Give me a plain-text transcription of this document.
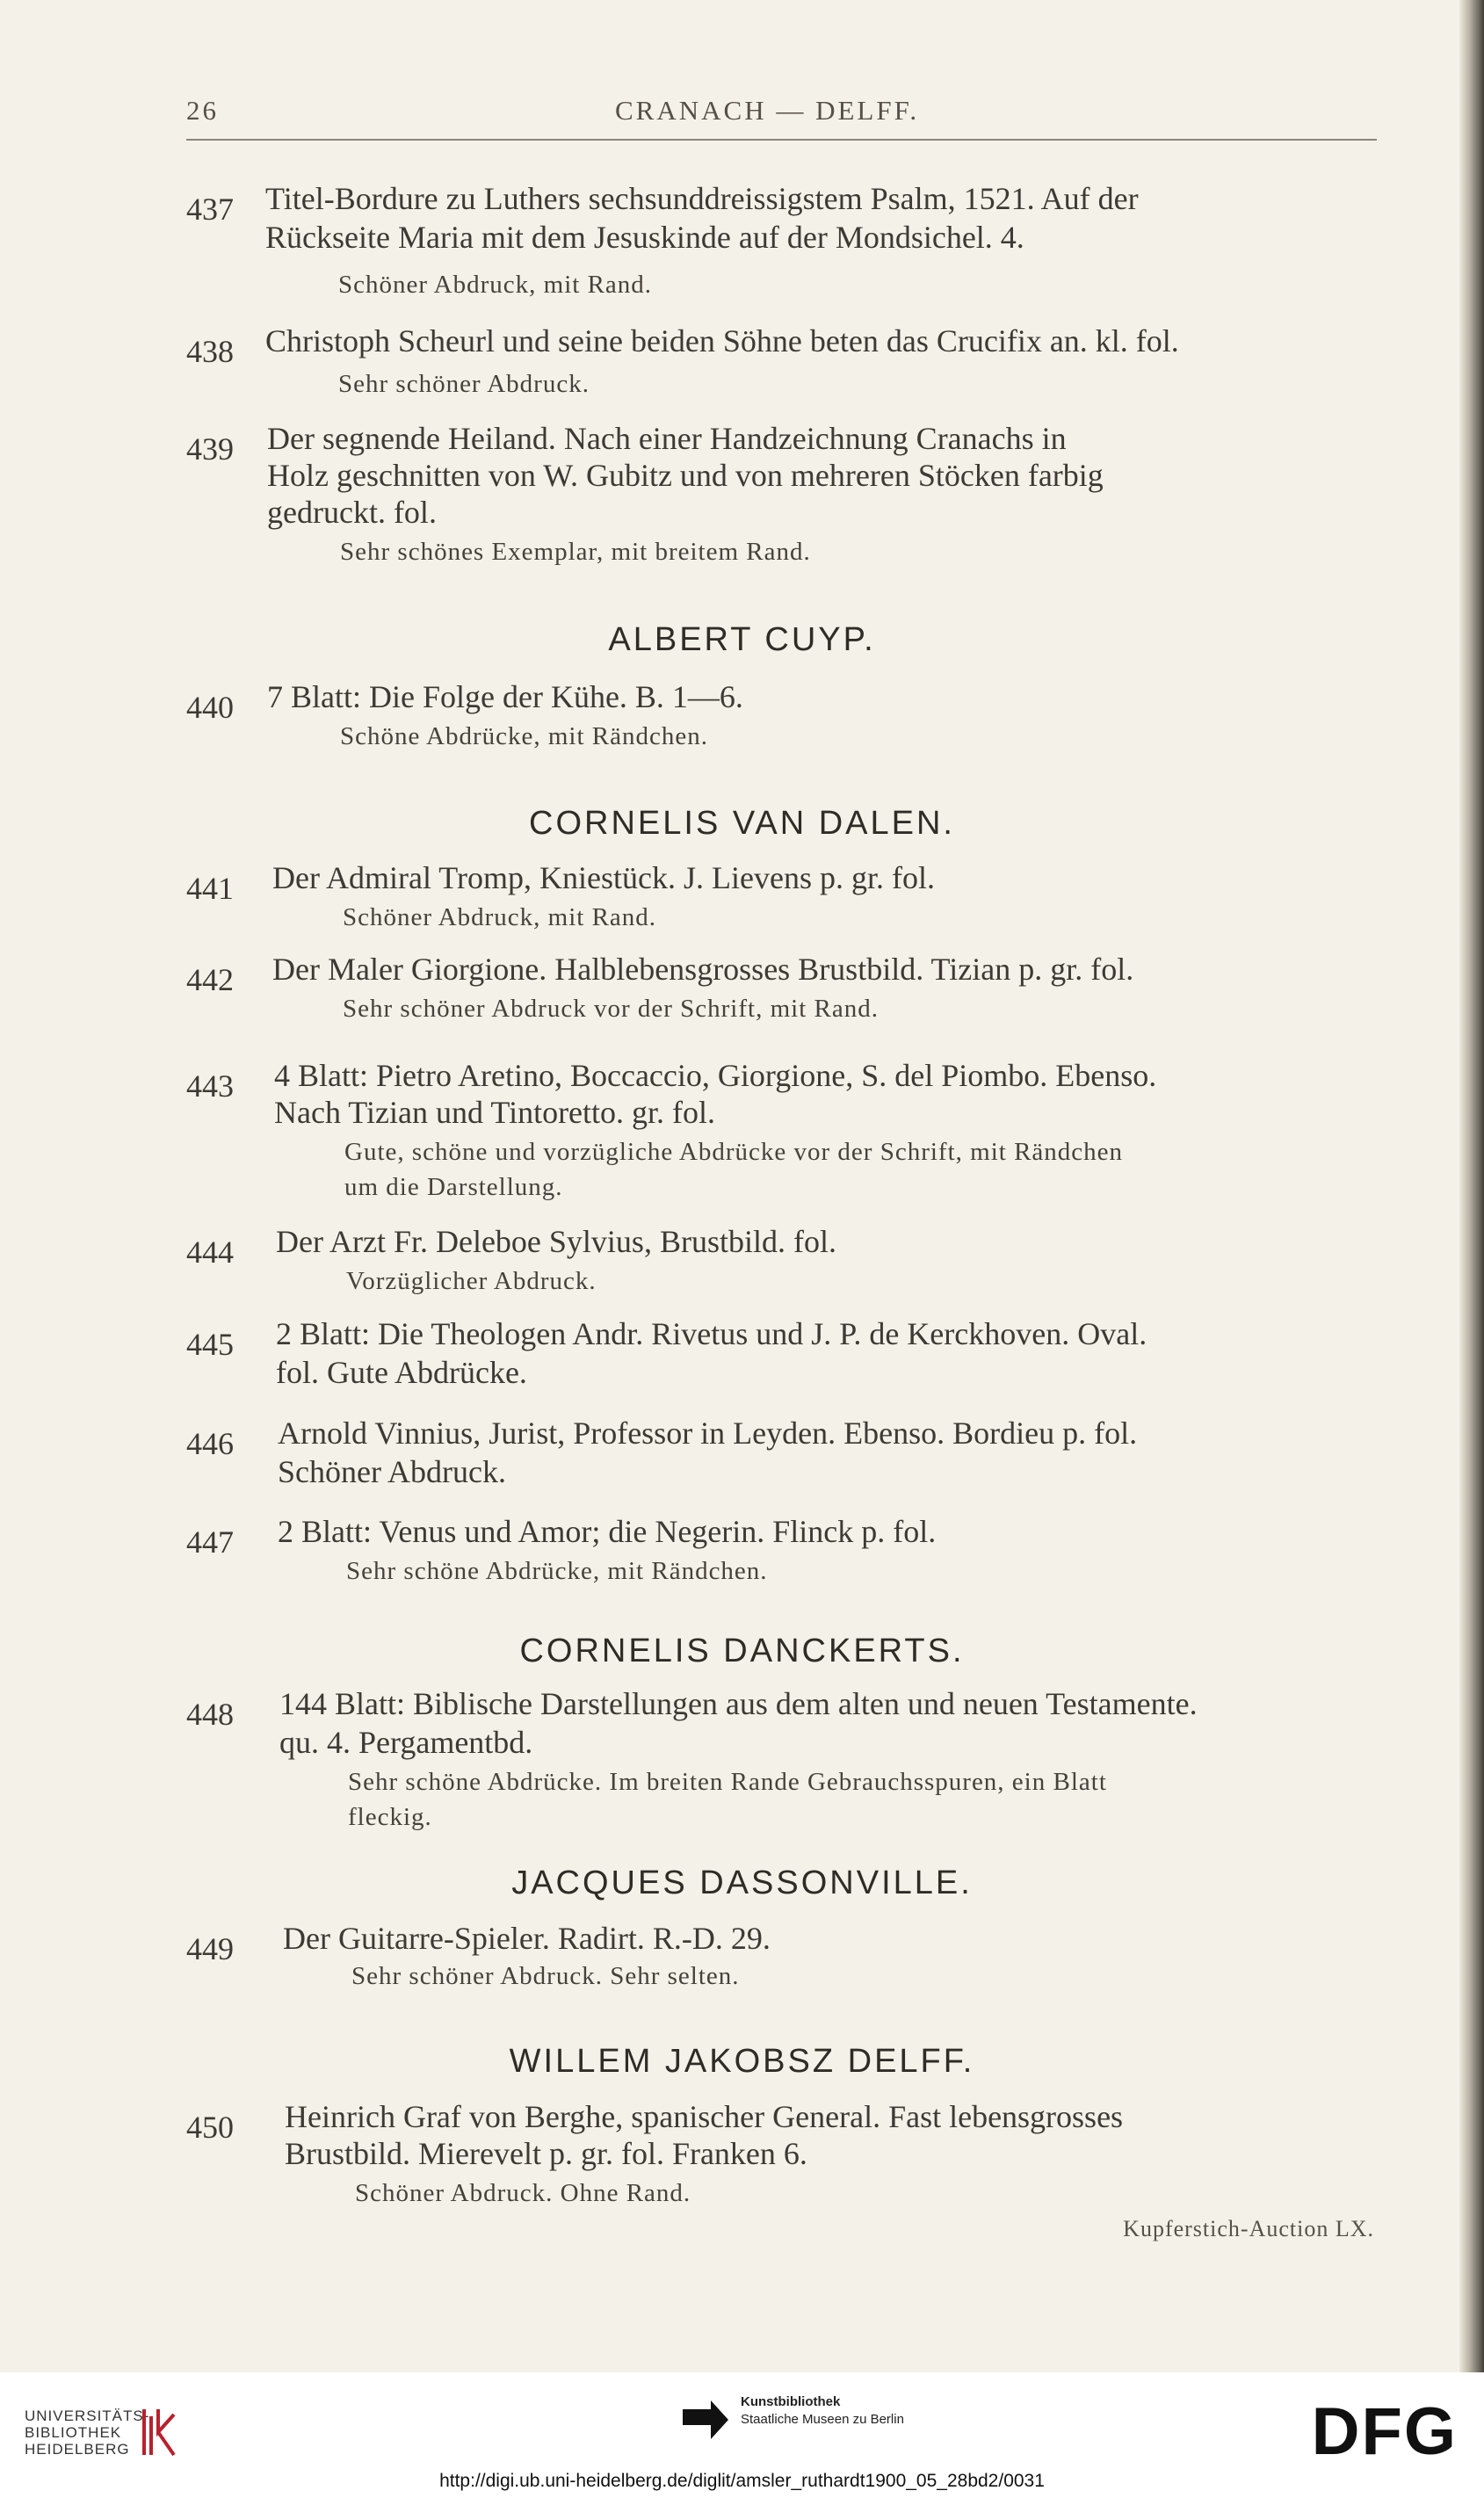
26	CRANACH — DELFF.
437 Titel-Bordure zu Luthers sechsunddreissigstem Psalm, 1521. Auf der
Rückseite Maria mit dem Jesuskinde auf der Mondsichel. 4.
Schöner Abdruck, mit Rand.
438 Christoph Scheurl und seine beiden Söhne beten das Crucifix an. kl. fol.
Sehr schöner Abdruck.
439 Der segnende Heiland. Nach einer Handzeichnung Cranachs in
Holz geschnitten von W. Gubitz und von mehreren Stöcken farbig
gedruckt. fol.
Sehr schönes Exemplar, mit breitem Rand.
ALBERT CUYP.
440 7 Blatt: Die Folge der Kühe. B. 1—6.
Schöne Abdrücke, mit Rändchen.
CORNELIS VAN DALEN.
441 Der Admiral Tromp, Kniestück. J. Lievens p. gr. fol.
Schöner Abdruck, mit Rand.
442 Der Maler Giorgione. Halblebensgrosses Brustbild. Tizian p. gr. fol.
Sehr schöner Abdruck vor der Schrift, mit Rand.
443 4 Blatt: Pietro Aretino, Boccaccio, Giorgione, S. del Piombo. Ebenso.
Nach Tizian und Tintoretto. gr. fol.
Gute, schöne und vorzügliche Abdrücke vor der Schrift, mit Rändchen
um die Darstellung.
444 Der Arzt Fr. Deleboe Sylvius, Brustbild. fol.
Vorzüglicher Abdruck.
445 2 Blatt: Die Theologen Andr. Rivetus und J. P. de Kerckhoven. Oval.
fol. Gute Abdrücke.
446 Arnold Vinnius, Jurist, Professor in Leyden. Ebenso. Bordieu p. fol.
Schöner Abdruck.
447 2 Blatt: Venus und Amor; die Negerin. Flinck p. fol.
Sehr schöne Abdrücke, mit Rändchen.
CORNELIS DANCKERTS.
448 144 Blatt: Biblische Darstellungen aus dem alten und neuen Testamente.
qu. 4. Pergamentbd.
Sehr schöne Abdrücke. Im breiten Rande Gebrauchsspuren, ein Blatt
fleckig.
JACQUES DASSONVILLE.
449 Der Guitarre-Spieler. Radirt. R.-D. 29.
Sehr schöner Abdruck. Sehr selten.
WILLEM JAKOBSZ DELFF.
450 Heinrich Graf von Berghe, spanischer General. Fast lebensgrosses
Brustbild. Mierevelt p. gr. fol. Franken 6.
Schöner Abdruck. Ohne Rand.
Kupferstich-Auction LX.
UNIVERSITÄTS-
BIBLIOTHEK
HEIDELBERG
Kunstbibliothek
Staatliche Museen zu Berlin	DFG
http://digi.ub.uni-heidelberg.de/diglit/amsler_ruthardt1900_05_28bd2/0031
